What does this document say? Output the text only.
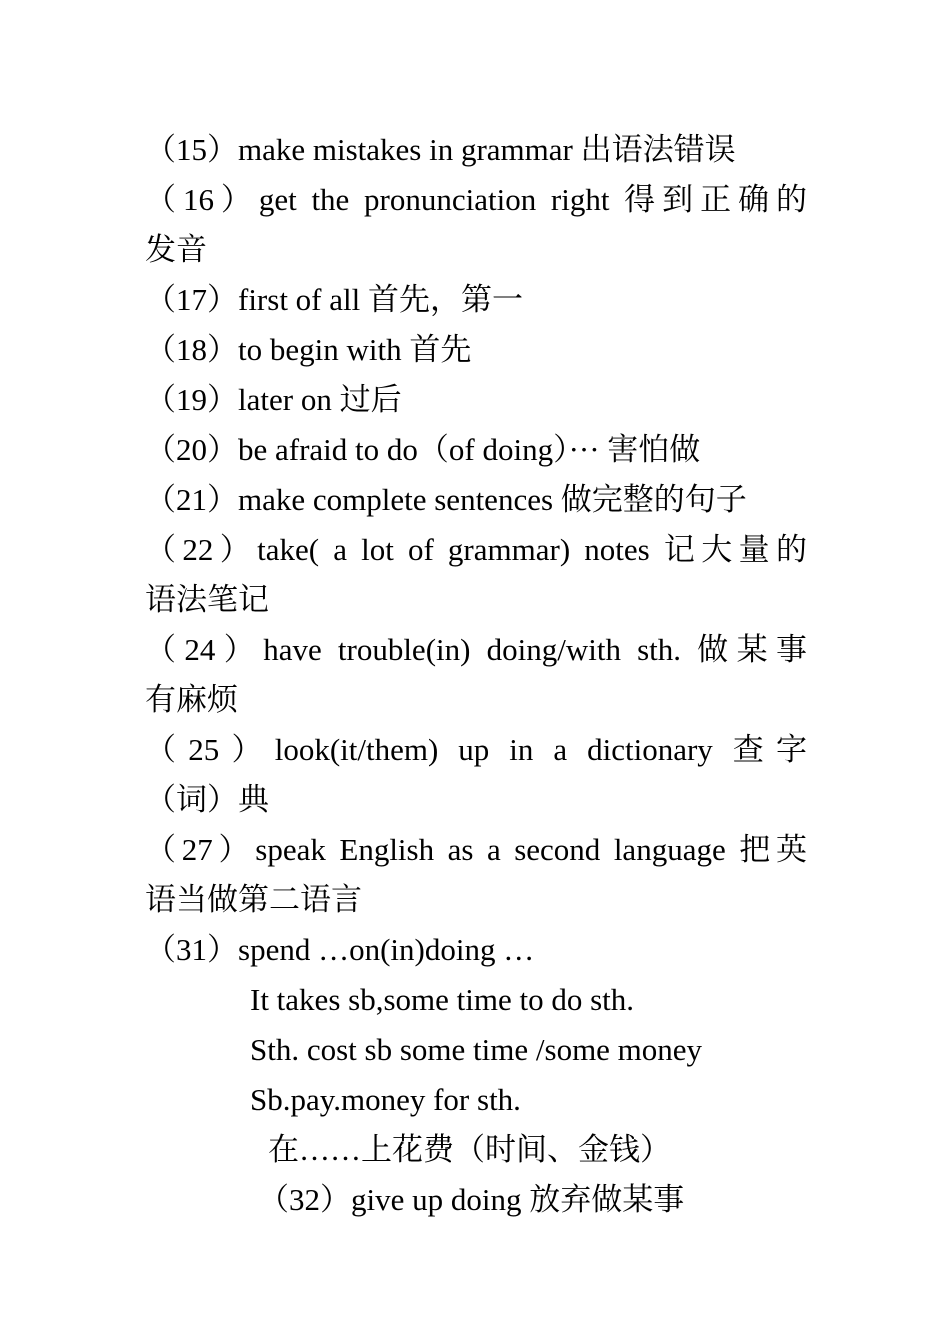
（15）make mistakes in grammar 出语法错误
（16）get the pronunciation right 得到正确的
发音
（17）first of all 首先，第一
（18）to begin with 首先
（19）later on 过后
（20）be afraid to do（of doing）··· 害怕做
（21）make complete sentences 做完整的句子
（22）take( a lot of grammar) notes 记大量的
语法笔记
（24）have trouble(in) doing/with sth. 做某事
有麻烦
（25）look(it/them) up in a dictionary 查字
（词）典
（27）speak English as a second language 把英
语当做第二语言
（31）spend …on(in)doing …
It takes sb,some time to do sth.
Sth. cost sb some time /some money
Sb.pay.money for sth.
在……上花费（时间、金钱）
（32）give up doing 放弃做某事
